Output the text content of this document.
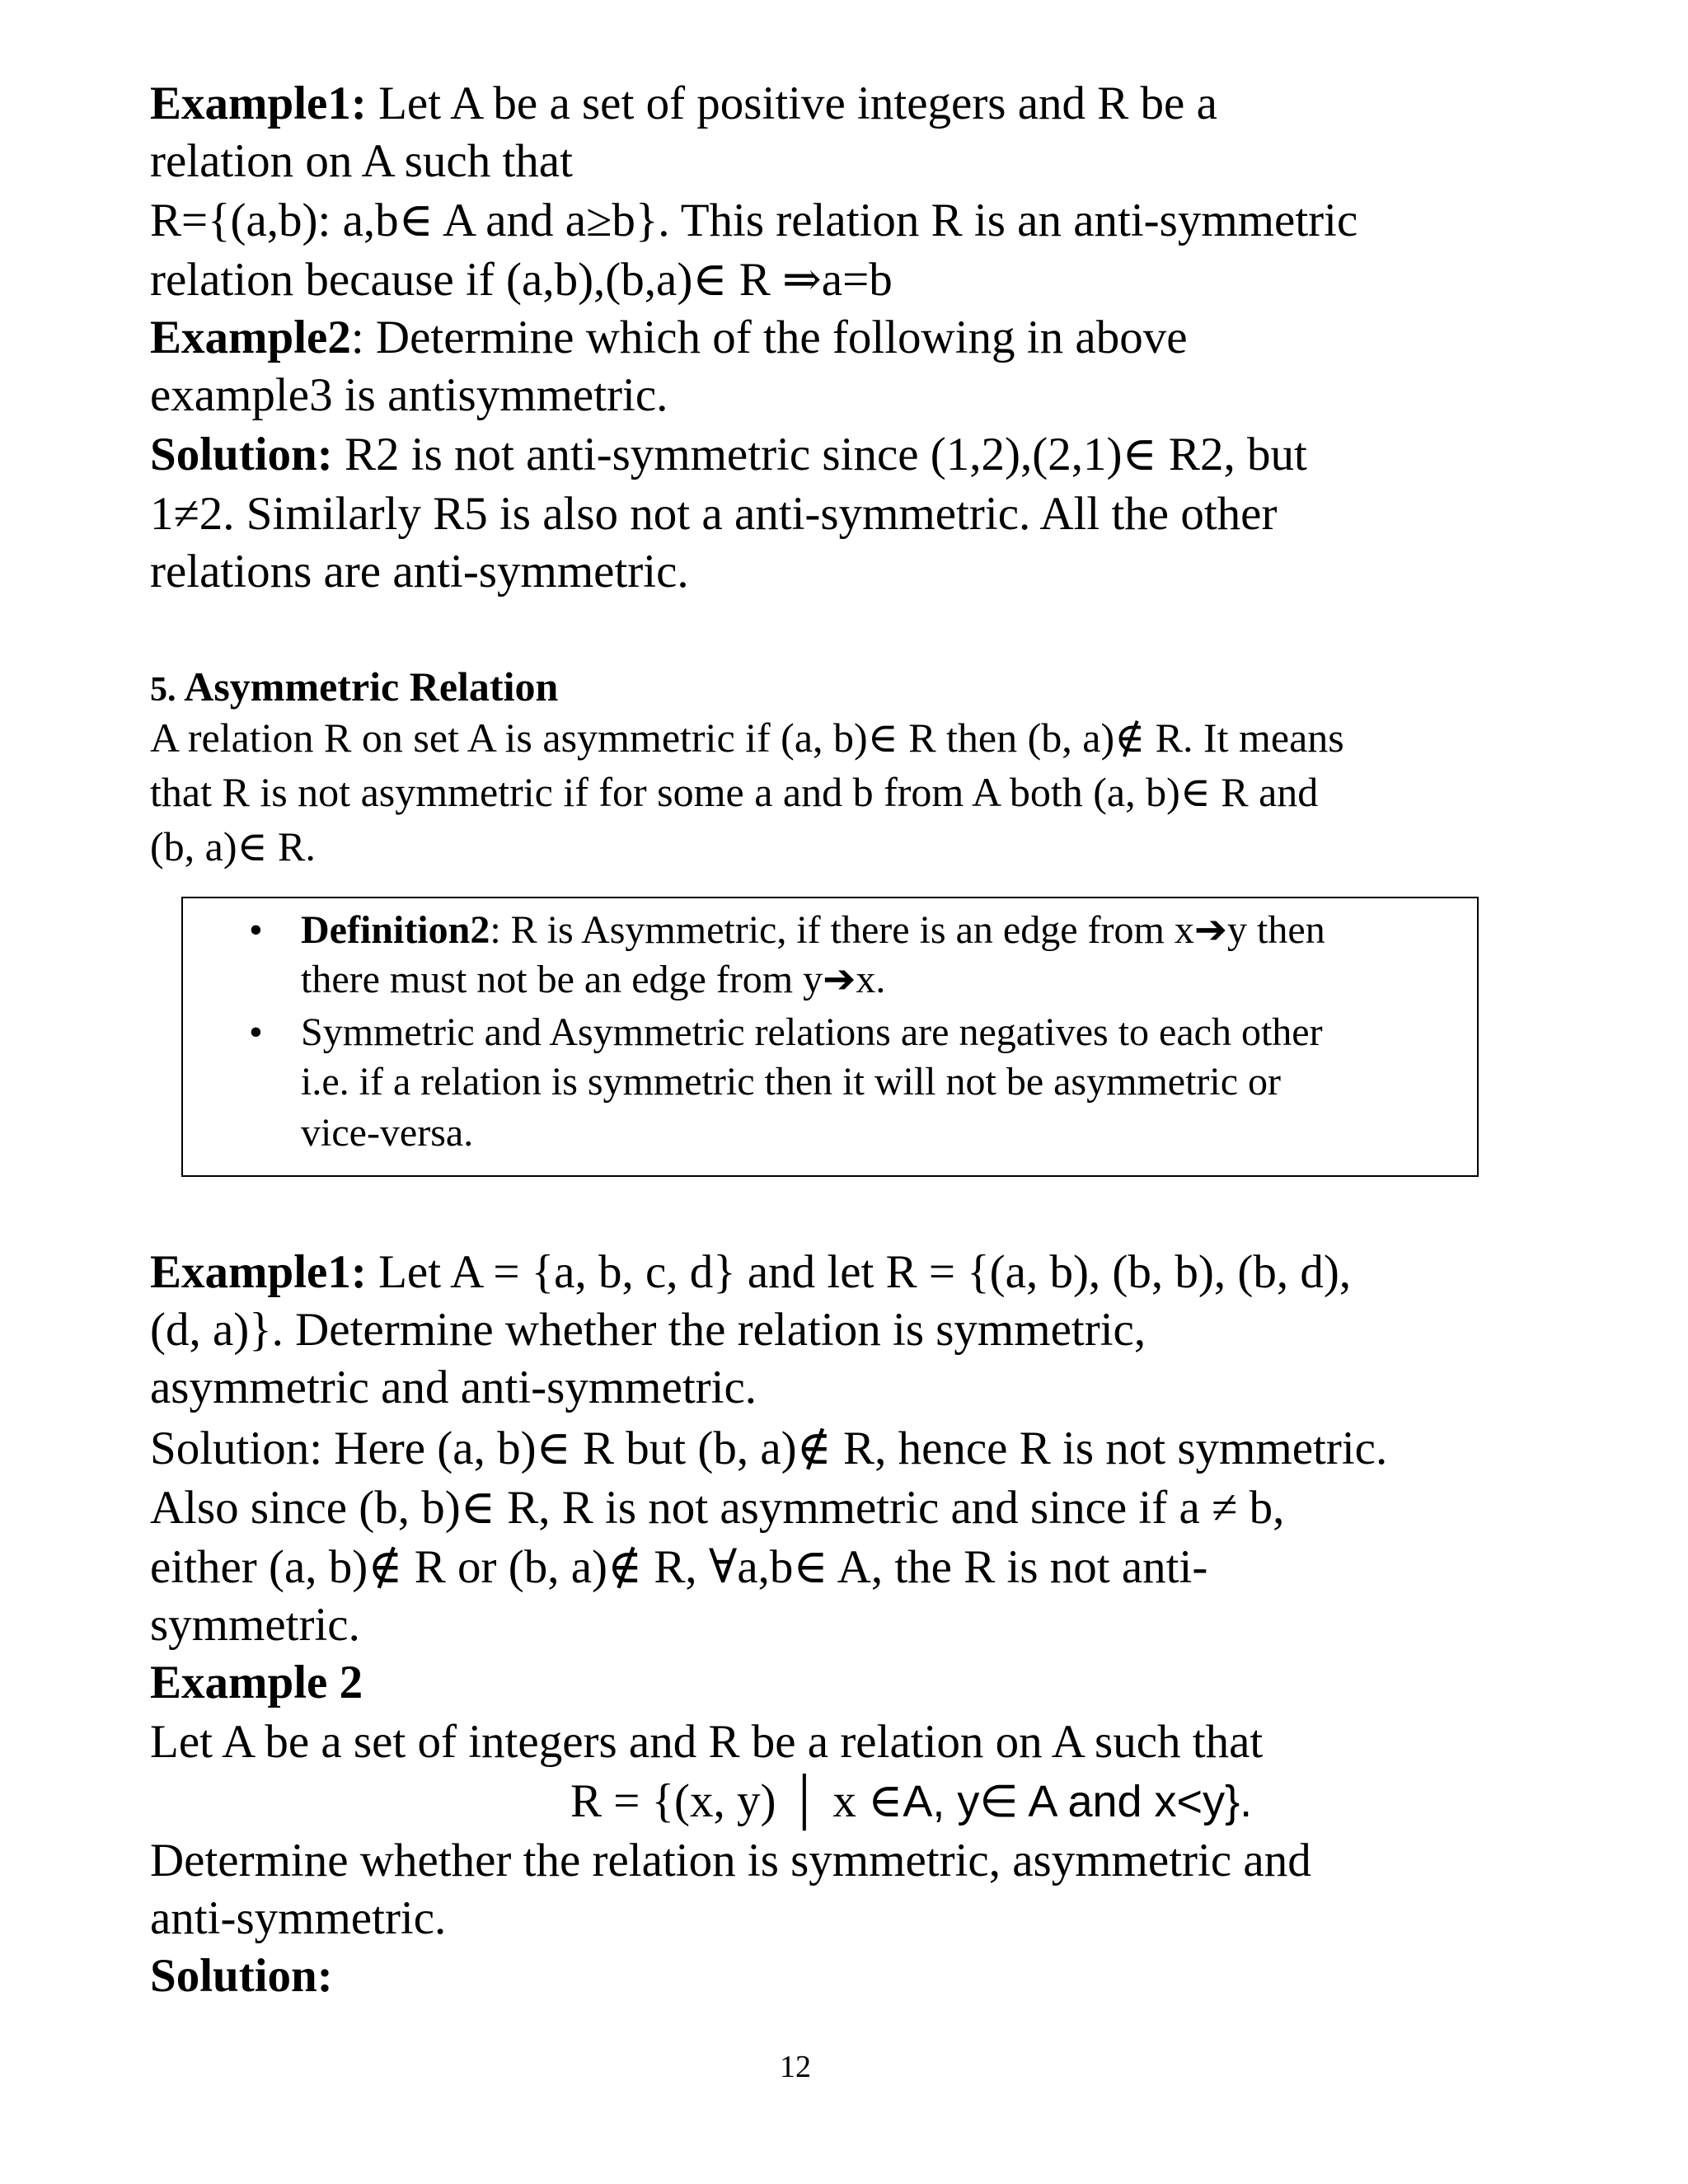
Example1: Let A be a set of positive integers and R be a
relation on A such that
R={(a,b): a,b∈ A and a≥b}. This relation R is an anti-symmetric
relation because if (a,b),(b,a)∈ R ⇒a=b
Example2: Determine which of the following in above
example3 is antisymmetric.
Solution: R2 is not anti-symmetric since (1,2),(2,1)∈ R2, but
1≠2. Similarly R5 is also not a anti-symmetric. All the other
relations are anti-symmetric.
5. Asymmetric Relation
A relation R on set A is asymmetric if (a, b)∈ R then (b, a)∉ R. It means
that R is not asymmetric if for some a and b from A both (a, b)∈ R and
(b, a)∈ R.
• Definition2: R is Asymmetric, if there is an edge from x➔y then
there must not be an edge from y➔x.
• Symmetric and Asymmetric relations are negatives to each other
i.e. if a relation is symmetric then it will not be asymmetric or
vice-versa.
Example1: Let A = {a, b, c, d} and let R = {(a, b), (b, b), (b, d),
(d, a)}. Determine whether the relation is symmetric,
asymmetric and anti-symmetric.
Solution: Here (a, b)∈ R but (b, a)∉ R, hence R is not symmetric.
Also since (b, b)∈ R, R is not asymmetric and since if a ≠ b,
either (a, b)∉ R or (b, a)∉ R, ∀a,b∈ A, the R is not anti-
symmetric.
Example 2
Let A be a set of integers and R be a relation on A such that
R = {(x, y) │ x ∈A, y∈ A and x<y}.
Determine whether the relation is symmetric, asymmetric and
anti-symmetric.
Solution:
12
